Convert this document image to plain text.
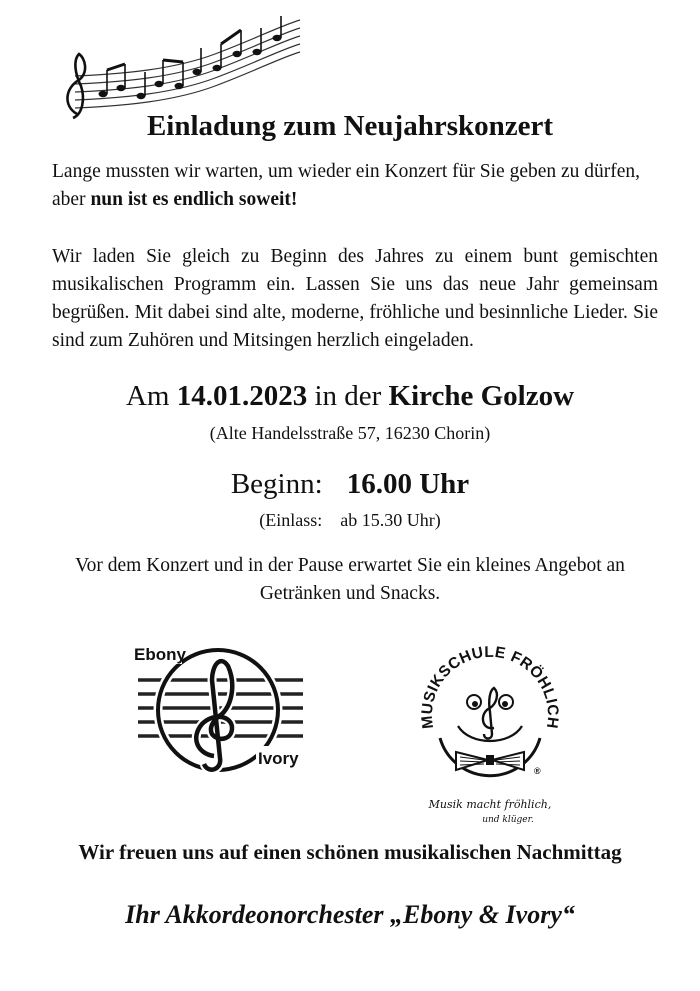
Einladung zum Neujahrskonzert
Lange mussten wir warten, um wieder ein Konzert für Sie geben zu dürfen, aber nun ist es endlich soweit!
Wir laden Sie gleich zu Beginn des Jahres zu einem bunt gemischten musikalischen Programm ein. Lassen Sie uns das neue Jahr gemeinsam begrüßen. Mit dabei sind alte, moderne, fröhliche und besinnliche Lieder. Sie sind zum Zuhören und Mitsingen herzlich eingeladen.
Am 14.01.2023 in der Kirche Golzow
(Alte Handelsstraße 57, 16230 Chorin)
Beginn: 16.00 Uhr
(Einlass: ab 15.30 Uhr)
Vor dem Konzert und in der Pause erwartet Sie ein kleines Angebot an Getränken und Snacks.
Ebony
Ivory
MUSIKSCHULE FRÖHLICH
®
Musik macht fröhlich,
und klüger.
Wir freuen uns auf einen schönen musikalischen Nachmittag
Ihr Akkordeonorchester „Ebony & Ivory“
